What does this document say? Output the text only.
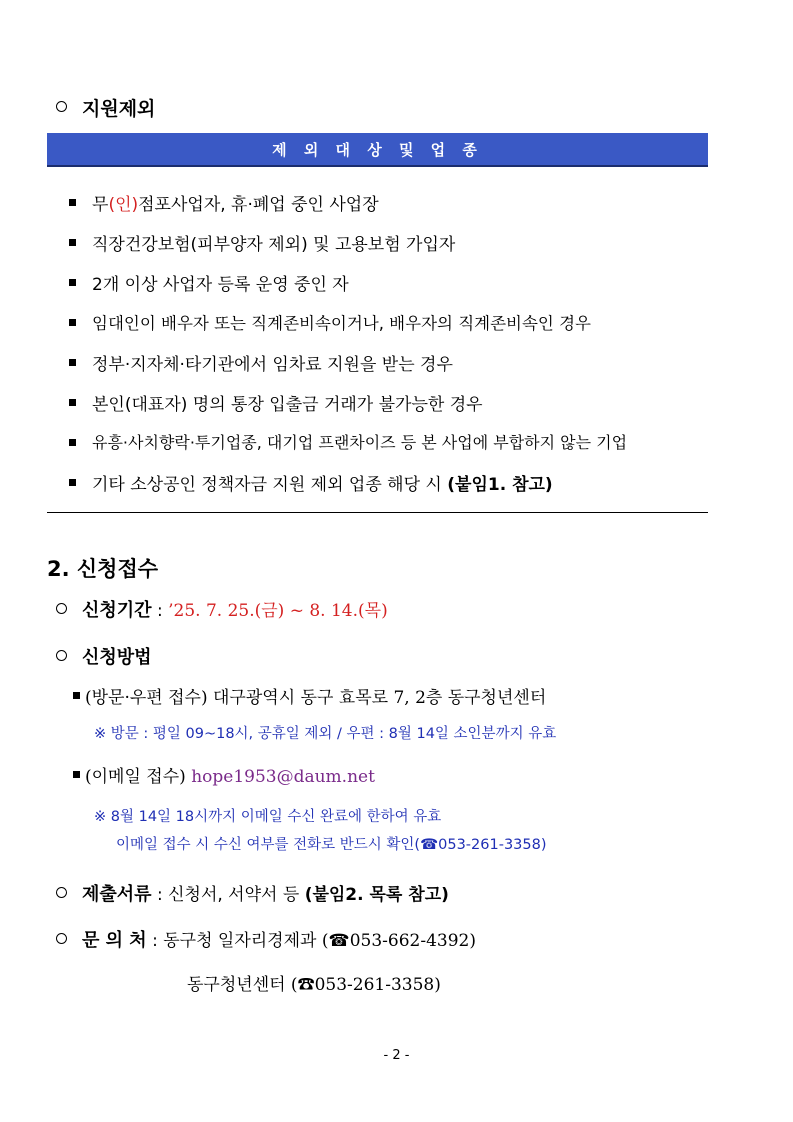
지원제외
제 외 대 상 및 업 종
무(인)점포사업자, 휴·폐업 중인 사업장
직장건강보험(피부양자 제외) 및 고용보험 가입자
2개 이상 사업자 등록 운영 중인 자
임대인이 배우자 또는 직계존비속이거나, 배우자의 직계존비속인 경우
정부·지자체·타기관에서 임차료 지원을 받는 경우
본인(대표자) 명의 통장 입출금 거래가 불가능한 경우
유흥·사치향락·투기업종, 대기업 프랜차이즈 등 본 사업에 부합하지 않는 기업
기타 소상공인 정책자금 지원 제외 업종 해당 시 (붙임1. 참고)
2. 신청접수
신청기간 : ’25. 7. 25.(금) ~ 8. 14.(목)
신청방법
(방문·우편 접수) 대구광역시 동구 효목로 7, 2층 동구청년센터
※ 방문 : 평일 09~18시, 공휴일 제외 / 우편 : 8월 14일 소인분까지 유효
(이메일 접수) hope1953@daum.net
※ 8월 14일 18시까지 이메일 수신 완료에 한하여 유효
이메일 접수 시 수신 여부를 전화로 반드시 확인(☎053-261-3358)
제출서류 : 신청서, 서약서 등 (붙임2. 목록 참고)
문 의 처 : 동구청 일자리경제과 (☎053-662-4392)
동구청년센터 (☎053-261-3358)
- 2 -
